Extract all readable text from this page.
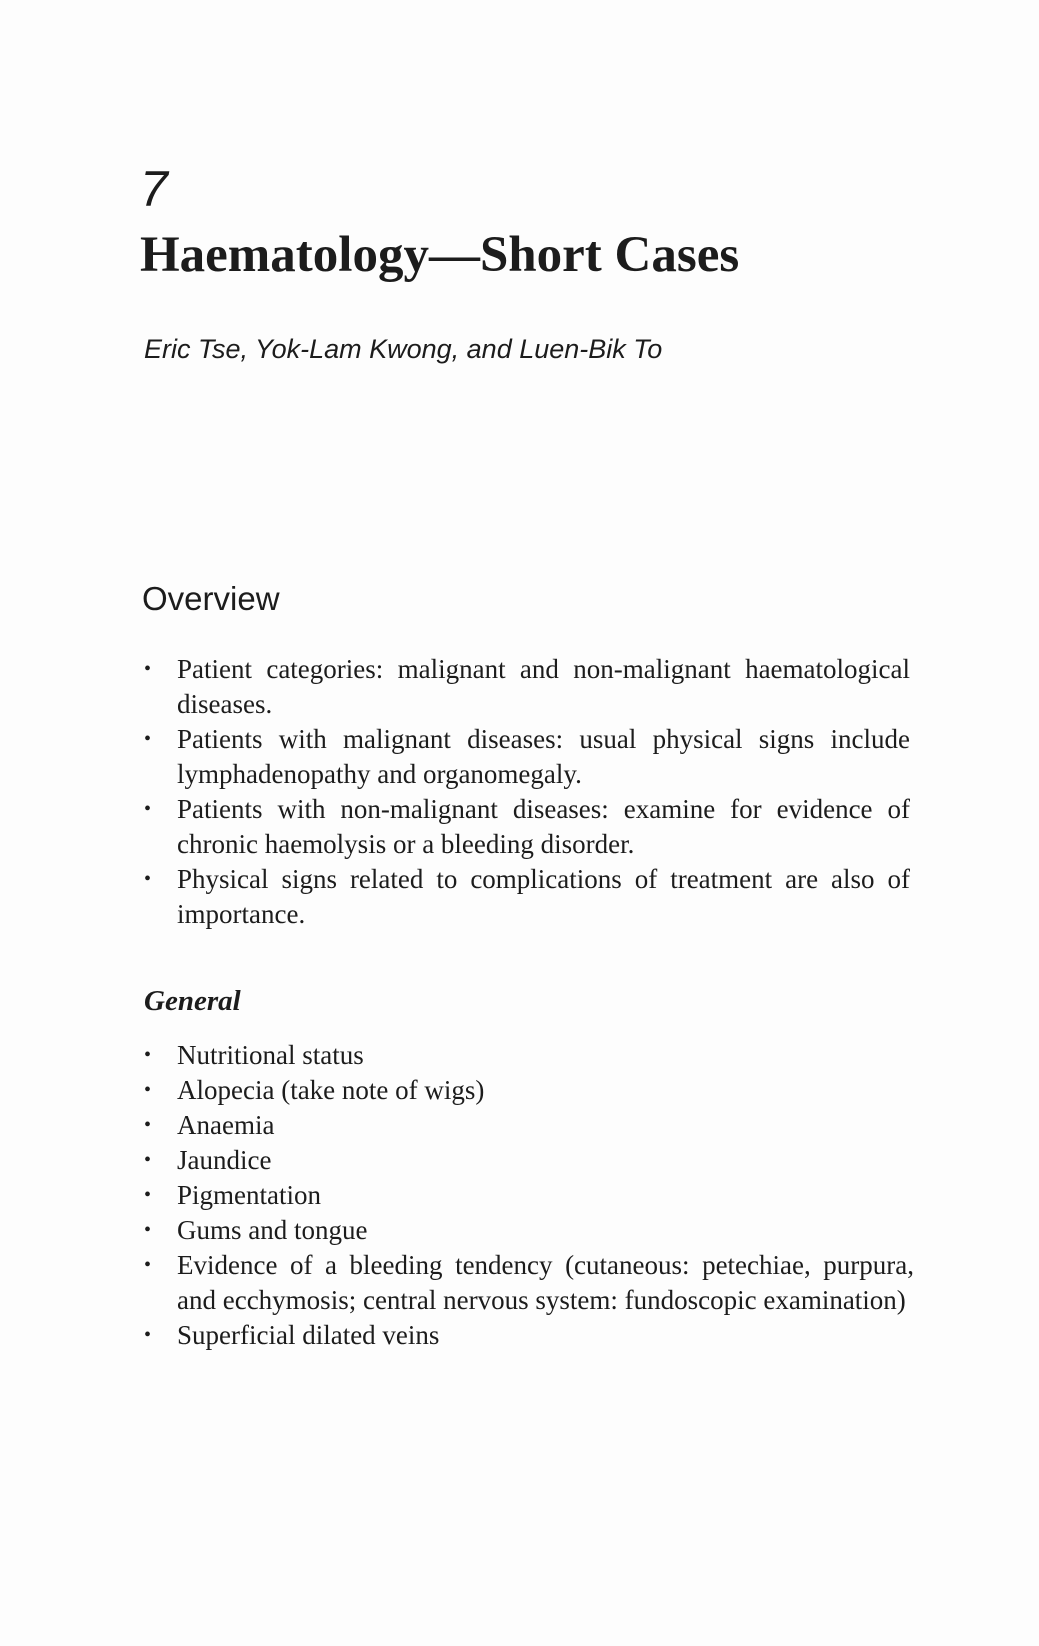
7
Haematology—Short Cases

Eric Tse, Yok-Lam Kwong, and Luen-Bik To

Overview
• Patient categories: malignant and non-malignant haematological diseases.
• Patients with malignant diseases: usual physical signs include lymphadenopathy and organomegaly.
• Patients with non-malignant diseases: examine for evidence of chronic haemolysis or a bleeding disorder.
• Physical signs related to complications of treatment are also of importance.
General
• Nutritional status
• Alopecia (take note of wigs)
• Anaemia
• Jaundice
• Pigmentation
• Gums and tongue
• Evidence of a bleeding tendency (cutaneous: petechiae, purpura, and ecchymosis; central nervous system: fundoscopic examination)
• Superficial dilated veins
